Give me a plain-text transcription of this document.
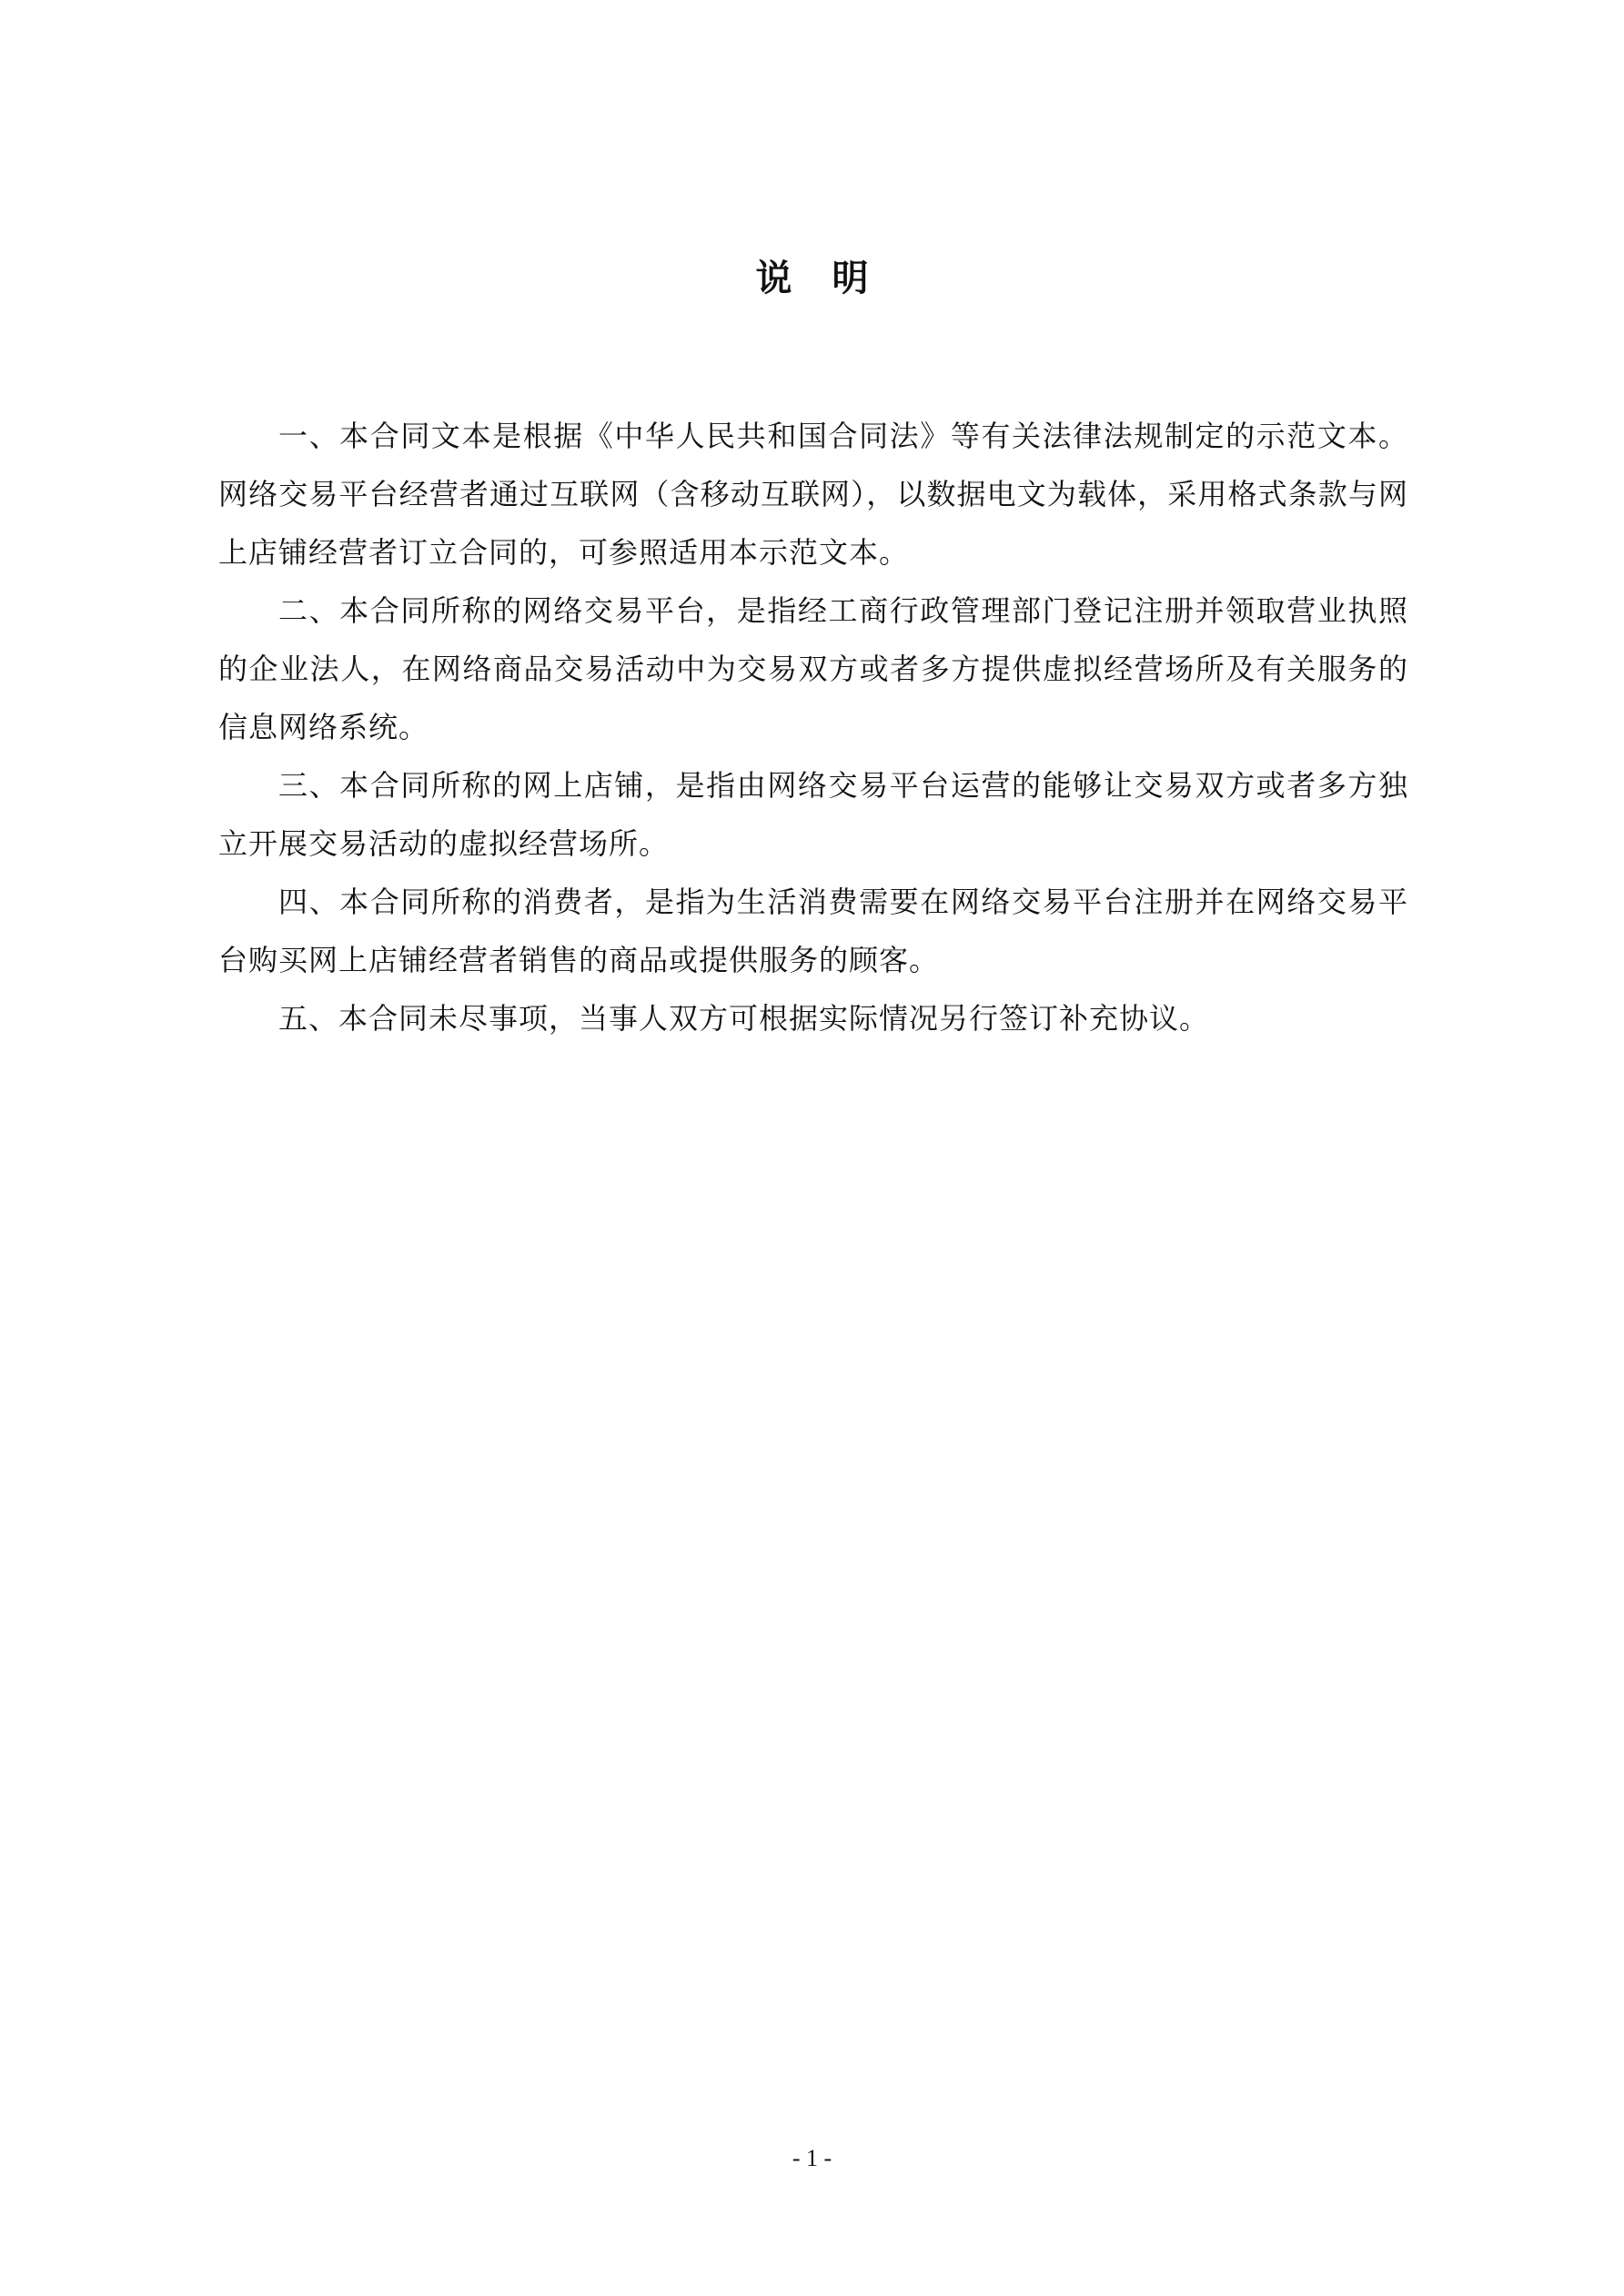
说明

一、本合同文本是根据《中华人民共和国合同法》等有关法律法规制定的示范文本。网络交易平台经营者通过互联网（含移动互联网），以数据电文为载体，采用格式条款与网上店铺经营者订立合同的，可参照适用本示范文本。

二、本合同所称的网络交易平台，是指经工商行政管理部门登记注册并领取营业执照的企业法人，在网络商品交易活动中为交易双方或者多方提供虚拟经营场所及有关服务的信息网络系统。

三、本合同所称的网上店铺，是指由网络交易平台运营的能够让交易双方或者多方独立开展交易活动的虚拟经营场所。

四、本合同所称的消费者，是指为生活消费需要在网络交易平台注册并在网络交易平台购买网上店铺经营者销售的商品或提供服务的顾客。

五、本合同未尽事项，当事人双方可根据实际情况另行签订补充协议。

- 1 -
